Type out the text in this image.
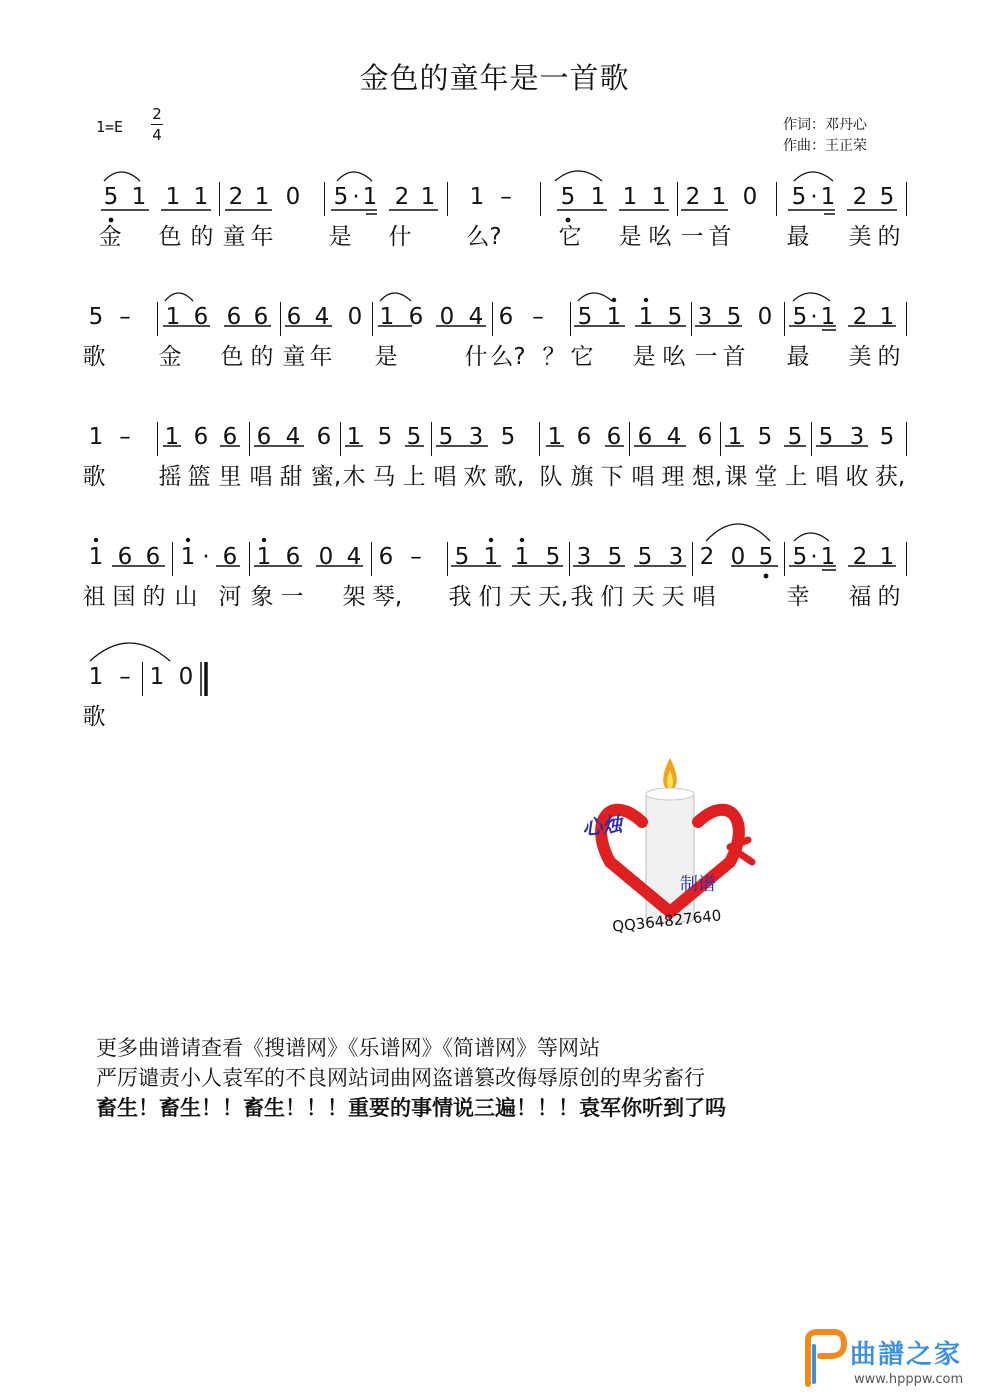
金色的童年是一首歌
1=E
2
4
作词：邓丹心
作曲：王正荣
5 1 1 1 2 1 0 5 · 1 2 1 1 – 5 1 1 1 2 1 0 5 · 1 2 5
金 色 的 童 年 是 什 么? 它 是 吆 一 首 最 美 的
5 – 1 6 6 6 6 4 0 1 6 0 4 6 – 5 1 1 5 3 5 0 5 · 1 2 1
歌 金 色 的 童 年 是	什 么? ？ 它 是 吆 一 首 最 美 的
1 – 1 6 6 6 4 6 1 5 5 5 3 5 1 6 6 6 4 6 1 5 5 5 3 5
歌 摇 篮 里 唱 甜 蜜, 木 马 上 唱 欢 歌, 队 旗 下 唱 理 想, 课 堂 上 唱 收 获,
1 6 6 1 · 6 1 6 0 4 6 – 5 1 1 5 3 5 5 3 2 0 5 5 · 1 2 1
祖 国 的 山 河 象 一 架 琴, 我 们 天 天, 我 们 天 天 唱	幸 福 的
1 – 1 0
歌
心烛
制谱
QQ364827640
更多曲谱请查看《搜谱网》《乐谱网》《简谱网》等网站
严厉谴责小人袁军的不良网站词曲网盗谱篡改侮辱原创的卑劣畜行
畜生！畜生！！畜生！！！重要的事情说三遍！！！袁军你听到了吗
曲譜之家
www.hpppw.com
